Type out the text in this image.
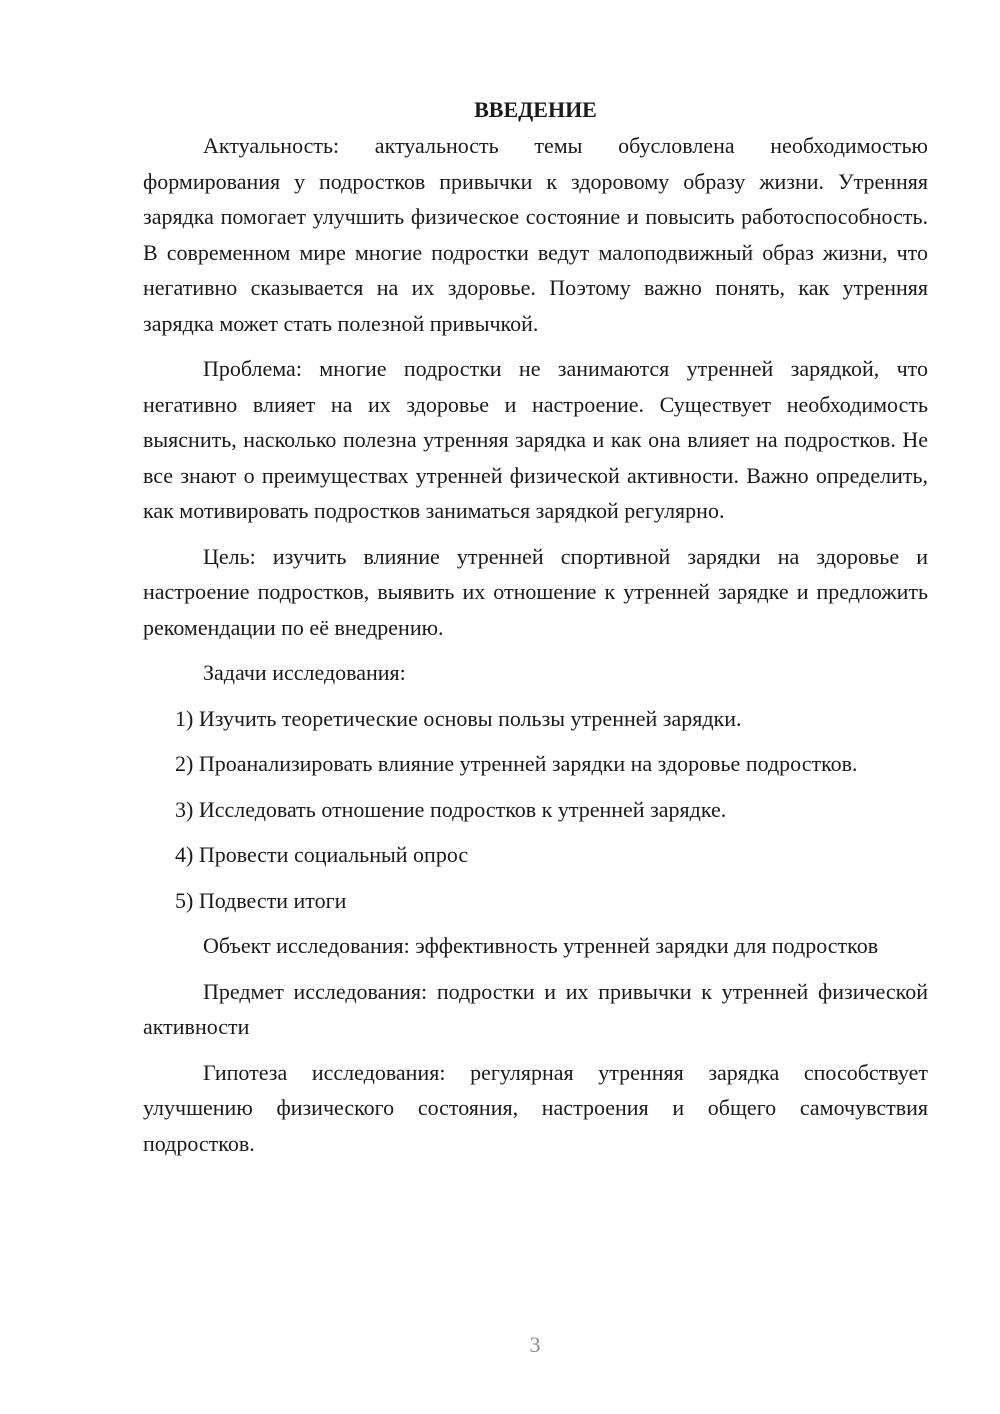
ВВЕДЕНИЕ

Актуальность: актуальность темы обусловлена необходимостью формирования у подростков привычки к здоровому образу жизни. Утренняя зарядка помогает улучшить физическое состояние и повысить работоспособность. В современном мире многие подростки ведут малоподвижный образ жизни, что негативно сказывается на их здоровье. Поэтому важно понять, как утренняя зарядка может стать полезной привычкой.

Проблема: многие подростки не занимаются утренней зарядкой, что негативно влияет на их здоровье и настроение. Существует необходимость выяснить, насколько полезна утренняя зарядка и как она влияет на подростков. Не все знают о преимуществах утренней физической активности. Важно определить, как мотивировать подростков заниматься зарядкой регулярно.

Цель: изучить влияние утренней спортивной зарядки на здоровье и настроение подростков, выявить их отношение к утренней зарядке и предложить рекомендации по её внедрению.

Задачи исследования:

1) Изучить теоретические основы пользы утренней зарядки.

2) Проанализировать влияние утренней зарядки на здоровье подростков.

3) Исследовать отношение подростков к утренней зарядке.

4) Провести социальный опрос

5) Подвести итоги

Объект исследования: эффективность утренней зарядки для подростков

Предмет исследования: подростки и их привычки к утренней физической активности

Гипотеза исследования: регулярная утренняя зарядка способствует улучшению физического состояния, настроения и общего самочувствия подростков.

3
